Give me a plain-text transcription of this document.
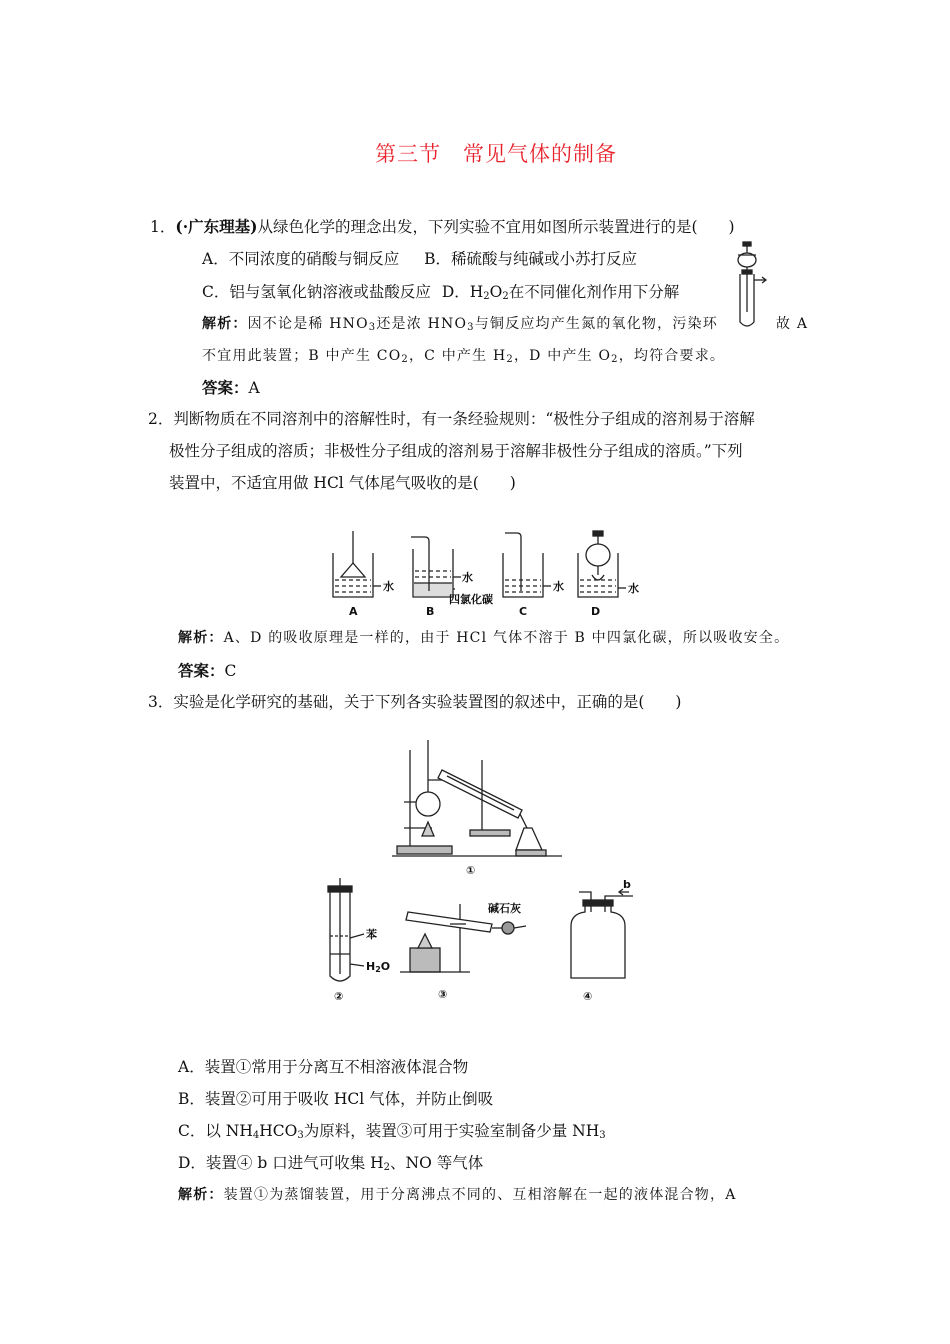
第三节　常见气体的制备
1．(·广东理基)从绿色化学的理念出发，下列实验不宜用如图所示装置进行的是(　　)
A．不同浓度的硝酸与铜反应 B．稀硫酸与纯碱或小苏打反应
C．铝与氢氧化钠溶液或盐酸反应 D．$H_2O_2$在不同催化剂作用下分解
解析：因不论是稀 $HNO_3$还是浓 $HNO_3$与铜反应均产生氮的氧化物，污染环	故 A
不宜用此装置；B 中产生 $CO_2$，C 中产生 $H_2$，D 中产生 $O_2$，均符合要求。
答案：A
2．判断物质在不同溶剂中的溶解性时，有一条经验规则：“极性分子组成的溶剂易于溶解
极性分子组成的溶质；非极性分子组成的溶剂易于溶解非极性分子组成的溶质。”下列
装置中，不适宜用做 HCl 气体尾气吸收的是(　　)
水
水
四氯化碳
水	水
A	B	C	D
解析：A、D 的吸收原理是一样的，由于 HCl 气体不溶于 B 中四氯化碳，所以吸收安全。
答案：C
3．实验是化学研究的基础，关于下列各实验装置图的叙述中，正确的是(　　)
①
苯
H2O
②
碱石灰
③
b
④
A．装置①常用于分离互不相溶液体混合物
B．装置②可用于吸收 HCl 气体，并防止倒吸
C．以 $NH_4HCO_3$为原料，装置③可用于实验室制备少量 $NH_3$
D．装置④ b 口进气可收集 $H_2$、NO 等气体
解析：装置①为蒸馏装置，用于分离沸点不同的、互相溶解在一起的液体混合物，A
